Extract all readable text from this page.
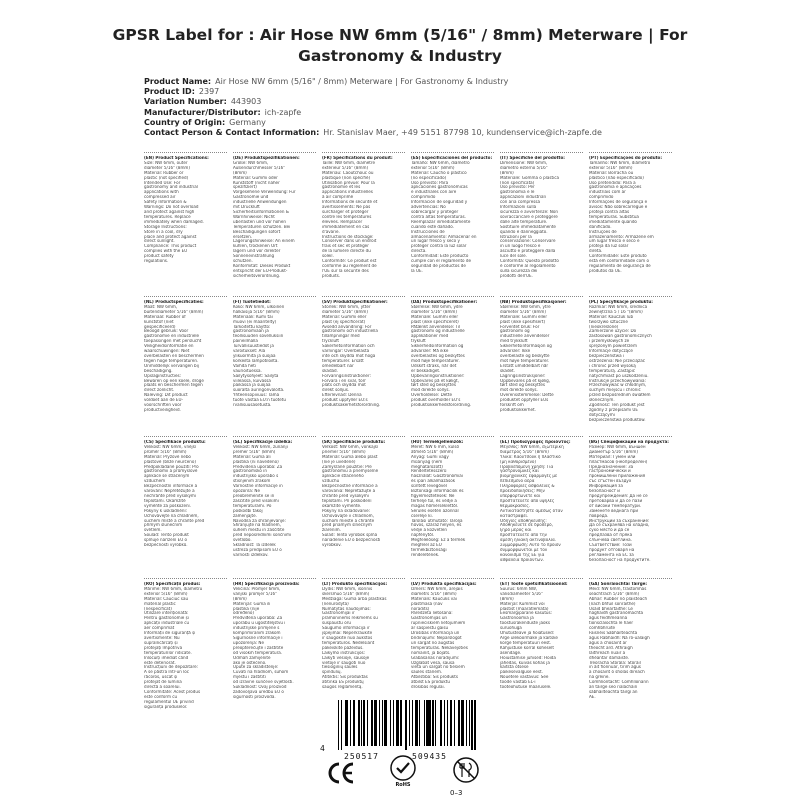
GPSR Label for : Air Hose NW 6mm (5/16" / 8mm) Meterware | For
Gastronomy & Industry
Product Name: Air Hose NW 6mm (5/16" / 8mm) Meterware | For Gastronomy & Industry
Product ID: 2397
Variation Number: 443903
Manufacturer/Distributor: ich-zapfe
Country of Origin: Germany
Contact Person & Contact Information: Hr. Stanislav Maer, +49 5151 87798 10, kundenservice@ich-zapfe.de
(EN) Product Specifications:
Size: NW 6mm, outer
diameter 5/16" (8mm)
Material: Rubber or
plastic (not specified)
Intended Use: For
gastronomy and industrial
applications with
compressed air
Safety Information &
Warnings: Do not overload
and protect against high
temperatures. Replace
immediately when damaged.
Storage Instructions:
Store in a cool, dry
place and protect against
direct sunlight.
Compliance: This product
complies with the EU
product safety
regulations.
(DE) Produktspezifikationen:
Größe: NW 6mm,
Außendurchmesser 5/16"
(8mm)
Material: Gummi oder
Kunststoff (nicht näher
spezifiziert)
Vorgesehene Verwendung: Für
Gastronomie und
industrielle Anwendungen
mit Druckluft
Sicherheitsinformationen &
Warnhinweise: Nicht
überlasten und vor hohen
Temperaturen schützen. Bei
Beschädigungen sofort
ersetzen.
Lagerungshinweise: An einem
kühlen, trockenen Ort
lagern und vor direkter
Sonneneinstrahlung
schützen.
Konformität: Dieses Produkt
entspricht der EU-Produkt-
sicherheitsverordnung.
(FR) Spécifications du produit:
Taille: NW 6mm, diamètre
extérieur 5/16" (8mm)
Matériau: Caoutchouc ou
plastique (non spécifié)
Utilisation prévue: Pour la
gastronomie et les
applications industrielles
à air comprimé
Informations de sécurité et
avertissements: Ne pas
surcharger et protéger
contre les températures
élevées. Remplacer
immédiatement en cas
d'avarie.
Instructions de stockage:
Conserver dans un endroit
frais et sec et protéger
de la lumière directe du
soleil.
Conformité: Ce produit est
conforme au règlement de
l'UE sur la sécurité des
produits.
(ES) Especificaciones del producto:
Tamaño: NW 6mm, diámetro
exterior 5/16" (8mm)
Material: Caucho o plástico
(no especificado)
Uso previsto: Para
aplicaciones gastronómicas
e industriales con aire
comprimido
Información de seguridad y
advertencias: No
sobrecargar y proteger
contra altas temperaturas.
Reemplazar inmediatamente
cuando esté dañado.
Instrucciones de
almacenamiento: Almacenar en
un lugar fresco y seco y
proteger contra la luz solar
directa.
Conformidad: Este producto
cumple con el reglamento de
seguridad de productos de
la UE.
(IT) Specifiche del prodotto:
Dimensione: NW 6mm,
diametro esterno 5/16"
(8mm)
Materiale: Gomma o plastica
(non specificata)
Uso previsto: Per
gastronomia e le
applicazioni industriali
con aria compressa
Informazioni sulla
sicurezza e avvertenze: Non
sovraccaricare e proteggere
dalle alte temperature.
Sostituire immediatamente
quando è danneggiato.
Istruzioni per la
conservazione: Conservare
in un luogo fresco e
asciutto e proteggere dalla
luce del sole.
Conformità: Questo prodotto
è conforme al regolamento
sulla sicurezza dei
prodotti dell'UE.
(PT) Especificações do produto:
Tamanho: NW 6mm, diâmetro
exterior 5/16" (8mm)
Material: Borracha ou
plástico (não especificado)
Uso pretendido: Para a
gastronomia e aplicações
industriais com ar
comprimido
Informações de segurança e
avisos: Não sobrecarregue e
proteja contra altas
temperaturas. Substitua
imediatamente quando
danificado.
Instruções de
armazenamento: Armazene em
um lugar fresco e seco e
proteja da luz solar
direta.
Conformidade: Este produto
está em conformidade com o
regulamento de segurança de
produtos da UE.
(NL) Productspecificaties:
Maat: NW 6mm,
buitendiameter 5/16" (8mm)
Materiaal: Rubber of
kunststof (niet
gespecificeerd)
Beoogd gebruik: Voor
gastronomie en industriële
toepassingen met perslucht
Veiligheidsinformatie en
waarschuwingen: Niet
overbelasten en beschermen
tegen hoge temperaturen.
Onmiddellijk vervangen bij
beschadiging.
Opslaginstructies:
Bewaren op een koele, droge
plaats en beschermen tegen
direct zonlicht.
Naleving: Dit product
voldoet aan de EU-
voorschriften voor
productveiligheid.
(FI) Tuotetiedot:
Koko: NW 6mm, ulkoinen
halkaisija 5/16" (8mm)
Materiaali: Kumi tai
muovi (ei määritelty)
Tarkoitettu käyttö:
gastronomiaan ja
teollisuuden sovelluksiin
paineilmalla
Turvallisuustiedot ja
varoitukset: Älä
ylikuormita ja suojaa
korkeilta lämpötiloilta.
Vaihda heti
vaurioituessa.
Säilytysohjeet: Säilytä
viileässä, kuivassa
paikassa ja suojaa
suoralta auringonvalolta.
Yhteensopivuus: Tämä
tuote vastaa EU:n tuotetu
rvallisuusasetusta.
(SV) Produktspecifikationer:
Storlek: NW 6mm, ytter
diameter 5/16" (8mm)
Material: Gummi eller
plast (ej specificerat)
Avsedd användning: För
gastronomi och industriella
tillämpningar med
tryckluft
Säkerhetsinformation och
varningar: Överbelasta
inte och skydda mot höga
temperaturer. Ersätt
omedelbart när
skadad.
Förvaringsinstruktioner:
Förvara i en sval, torr
plats och skydda mot
direkt solljus.
Efterlevnad: Denna
produkt uppfyller EU:s
produktsäkerhetsförordning.
(DA) Produktspecifikationer:
Størrelse: NW 6mm, ydre
diameter 5/16" (8mm)
Materiale: Gummi eller
plast (ikke specificeret)
Påtænkt anvendelse: Til
gastronomi og industrielle
applikationer med
trykluft
Sikkerhedsinformation og
advarsler: Må ikke
overbelastes og beskyttes
mod høje temperaturer.
Udskift straks, når det
er beskadiget.
Opbevaringsinstruktioner:
Opbevares på et køligt,
tørt sted og beskyttes
mod direkte sollys.
Overholdelse: Dette
produkt overholder EU's
produktsikkerhedsforordning.
(NB) Produktspesifikasjoner:
Størrelse: NW 6mm, ytre
diameter 5/16" (8mm)
Materiale: Gummi eller
plast (ikke spesifisert)
Forventet bruk: For
gastronomi og
industrielle anvendelser
med trykkluft
Sikkerhetsinformasjon og
advarsler: Ikke
overbelaste og beskytte
mot høye temperaturer.
Erstatt umiddelbart når
skadet.
Lagringsinstruksjoner:
Oppbevares på et kjølig,
tørt sted og beskyttes
mot direkte sollys.
Overensstemmelse: Dette
produktet oppfyller EUs
forskrift om
produktsikkerhet.
(PL) Specyfikacje produktu:
Rozmiar: NW 6mm, średnica
zewnętrzna 5 / 16 "(8mm)
Materiał: Kauczuk lub
tworzywo sztuczne
(nieokreślone)
Zamierzone użycie: Do
zastosowań gastronomicznych
i przemysłowych ze
sprężonym powietrzem
Informacje dotyczące
bezpieczeństwa i
ostrzeżenia: Nie przeciążać
i chronić przed wysoką
temperaturą. Zastąpić
natychmiast po uszkodzeniu.
Instrukcje przechowywania:
Przechowywać w chłodnym,
suchym miejscu i chronić
przed bezpośrednim światłem
słonecznym.
Zgodność: Ten produkt jest
zgodny z przepisami UE
dotyczącymi
bezpieczeństwa produktów.
(CS) Specifikace produktu:
Velikost: NW 6mm, vnější
průměr 5/16" (8mm)
Materiál: Pryžové nebo
plastové (blíže neurčeno)
Předpokládané použití: Pro
gastronomii a průmyslové
aplikace se stlačeným
vzduchem
Bezpečnostní informace a
varování: Nepřetěžujte a
nechráňte před vysokými
teplotami. Okamžitě
vyměňte za poškození.
Pokyny k uskladnění:
Uchovávejte na chladném,
suchém místě a chraňte před
přímým slunečním
světlem.
Soulad: Tento produkt
splňuje nařízení EU o
bezpečnosti výrobků.
(SL) Specifikacije izdelka:
Velikost: NW 6mm, zunanji
premer 5/16" (8mm)
Material: Guma ali
plastika (ni navedeno)
Predvidena uporaba: Za
gastronomsko in
industrijsko uporabo s
stisnjenim zrakom
Varnostne informacije in
opozorila: Ne
preobremenite se in
zaščitite pred visokimi
temperaturami. Po
poškodbi takoj
zamenjajte.
Navodila za shranjevanje:
Shranjujte na hladnem,
suhem mestu in zaščitite
pred neposrednimi sončnimi
svetlobo.
Skladnost: Ta izdelek
ustreza predpisom EU o
varnosti izdelkov.
(SK) Špecifikácie produktu:
Veľkosť: NW 6mm, vonkajší
priemer 5/16" (8mm)
Materiál: Guma alebo plast
(nie je uvedené)
Zamýšľané použitie: Pre
gastronómiu a priemyselné
aplikácie stlačeného
vzduchu
Bezpečnostné informácie a
varovania: Nepreťažujte a
chráňte pred vysokými
teplotami. Pri poškodení
okamžite vymeňte.
Pokyny na skladovanie:
Uchovávajte v chladnom,
suchom mieste a chráňte
pred priamym slnečným
žiarením.
Súlad: Tento výrobok spĺňa
nariadenie EÚ o bezpečnosti
výrobkov.
(HU) Termékjellemzők:
Méret: NW 6 mm, külső
átmérő 5/16" (8mm)
Anyag: Gumi vagy
műanyag (nem
meghatározott)
Rendeltetésszerű
használat: Gasztronómiai
és ipari alkalmazások
sűrített levegővel
Biztonsági információk és
figyelmeztetések: Ne
terhelje túl, és védje a
magas hőmérséklettől.
Sérülés esetén azonnal
cserélje ki.
Tárolási útmutató: Tárolja
hűvös, száraz helyen, és
védje a közvetlen
napfénytől.
Megfelelőség: Ez a termék
megfelel az EU
termékbiztonsági
rendeletének.
(EL) Προδιαγραφές προϊόντος:
Μέγεθος: NW 6mm, εξωτερική
διάμετρος 5/16" (8mm)
Υλικό: Καουτσούκ ή πλαστικό
(μη καθορισμένο)
Προβλεπόμενη χρήση: Για
γαστρονομικές και
βιομηχανικές εφαρμογές με
πεπιεσμένο αέρα
Πληροφορίες ασφάλειας &
προειδοποιήσεις: Μην
υπερφορτώνετε και
προστατεύετε από υψηλές
θερμοκρασίες.
Αντικαταστήστε αμέσως όταν
καταστραφεί.
Οδηγίες αποθήκευσης:
Αποθηκεύετε σε δροσερό,
ξηρό μέρος και
προστατεύετε από την
άμεση ηλιακή ακτινοβολία.
Συμμόρφωση: Αυτό το προϊόν
συμμορφώνεται με τον
κανονισμό της ΕΕ για
ασφάλεια προϊόντων.
(BG) Спецификации на продукта:
Размер: NW 6mm, външен
диаметър 5/16" (8mm)
Материал: Гумен или
пластмасов (неопределен)
Предназначение: За
гастрономически и
промишлени приложения
със сгъстен въздух
Информация за
безопасност и
предупреждения: Да не се
претоварва и да се пази
от високи температури.
Заменете веднага при
повреда.
Инструкции за съхранение:
Да се съхранява на хладно,
сухо място и да се
предпазва от пряка
слънчева светлина.
Съответствие: Този
продукт отговаря на
регламента на ЕС за
безопасност на продуктите.
(RO) Specificații produs:
Mărime: NW 6mm, diametru
exterior 5/16" (8mm)
Material: Cauciuc sau
material plastic
(nespecificat)
Utilizare intenționată:
Pentru gastronomie și
aplicații industriale cu
aer comprimat
Informații de siguranță și
avertismente: Nu
supraîncărcați și
protejați împotriva
temperaturilor ridicate.
Înlocuiți imediat când
este deteriorat.
Instrucțiuni de depozitare:
A se păstra într-un loc
răcoros, uscat și
protejat de lumina
directă a soarelui.
Conformitate: Acest produs
este conform cu
regulamentul UE privind
siguranța produselor.
(HR) Specifikacija proizvoda:
Veličina: Promjer 6mm,
vanjski promjer 5/16"
(8mm)
Materijal: Guma ili
plastika (nije
određeno)
Predviđena uporaba: Za
uporabu u ugostiteljstvu i
industrijske primjene s
komprimiranim zrakom
Sigurnosne informacije i
upozorenja: Ne
preopterećujte i zaštitite
od visokih temperatura.
Odmah zamijenite
ako je oštećeno.
Upute za skladištenje:
Čuvati na hladnom, suhom
mjestu i zaštititi
od izravne sunčeve svjetlosti.
Sukladnost: Ovaj proizvod
zadovoljava uredbu EU o
sigurnosti proizvoda.
(LT) Produkto specifikacijos:
Dydis: NW 6mm, išorinis
skersmuo 5/16" (8mm)
Medžiaga: Guma arba plastikas
(nenurodyta)
Numatytas naudojimas:
Gastronomijai ir
pramoninėms reikmėms su
suspaustu oru
Saugumo informacija ir
įspėjimai: Neperkraukite
ir saugokite nuo aukštos
temperatūros. Nedelsiant
pakeiskite pažeidus.
Laikymo instrukcijos:
Laikyti vėsioje, sausoje
vietoje ir saugoti nuo
tiesioginių saulės
spindulių.
Atitiktis: Šis produktas
atitinka ES produktų
saugos reglamentą.
(LV) Produkta specifikācijas:
Izmērs: NW 6mm, ārējais
diametrs 5/16" (8mm)
Materiāls: Kaučuks vai
plastmasa (nav
norādīts)
Paredzētā lietošana:
Gastronomijas un
rūpnieciskiem lietojumiem
ar saspiestu gaisu
Drošības informācija un
brīdinājumi: Nepārslogot
un sargāt no augstas
temperatūras. Nekavējoties
nomainīt, ja bojāts.
Glabāšanas norādījumi:
Uzglabāt vēsā, sausā
vietā un sargāt no tiešiem
saules stariem.
Atbilstība: Šis produkts
atbilst ES produktu
drošības regulai.
(ET) Toote spetsifikatsioonid:
Suurus: 6mm NW,
välisdiameeter 5/16"
(8mm)
Materjal: Kummist või
plastist (määratlemata)
Eesmärgipärane kasutus:
Gastronoomia ja
tööstusrakenduste jaoks
suruõhuga
Ohutusteave ja hoiatused:
Ärge ülekoormake ja kaitske
kõrge temperatuuri eest.
Kahjustuse korral koheselt
asendage.
Hoiustamise juhised: Hoida
jahedas, kuivas kohas ja
kaitsta otsese
päikesevalguse eest.
Nõuetele vastavus: See
toode vastab EL-i
tooteohutuse määrusele.
(GA) Sonraíochtaí Táirge:
Méid: NW 6mm, trastomhas
seachtrach 5/16" (8mm)
Ábhar: Rubber nó plaisteach
(nach bhfuil sonraithe)
Úsáid bheartaithe: Le
haghaidh gastranómachta
agus feidhmeanna
tionsclaíochta le haer
comhbhrúite
Faisnéis Sábháilteachta
agus Rabhaidh: Ná ró-ualaigh
agus a chosaint ar
theocht ard. Athraigh
láithreach nuair a
dhéantar damáiste.
Treoracha Stórála: Stóráil
in áit fionnuar, tirim agus
a chosaint ó sholas díreach
na gréine.
Comhlíontacht: Comhlíonann
an táirge seo rialacháin
sábháilteachta táirgí an
AE.
4
250517	509435
RoHS
0–3
